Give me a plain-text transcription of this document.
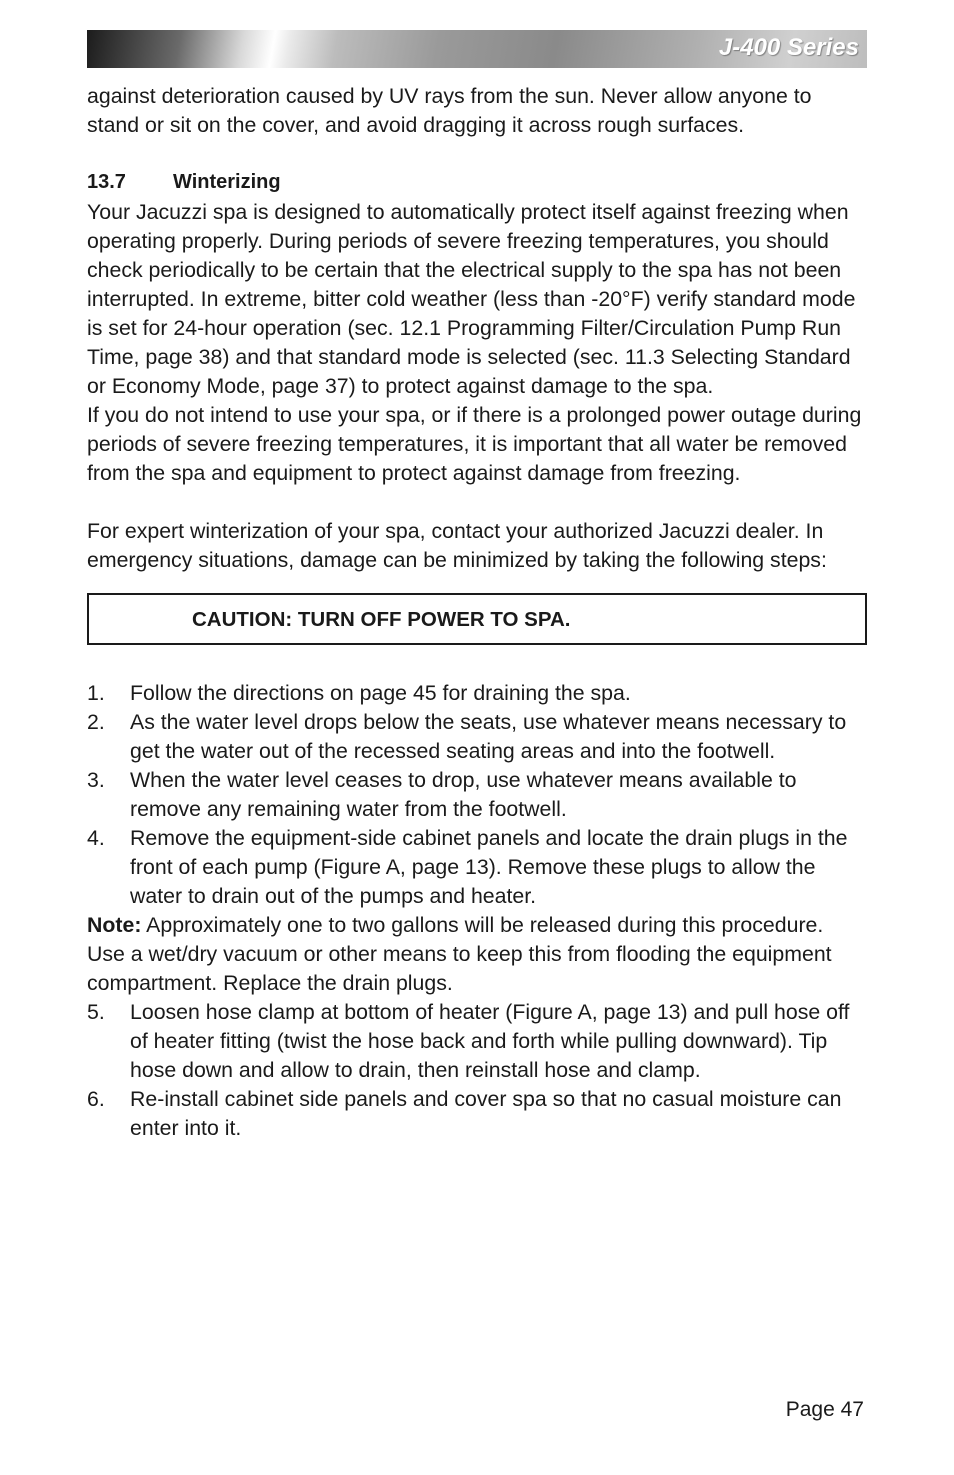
J-400 Series

against deterioration caused by UV rays from the sun. Never allow anyone to stand or sit on the cover, and avoid dragging it across rough surfaces.

13.7 Winterizing

Your Jacuzzi spa is designed to automatically protect itself against freezing when operating properly. During periods of severe freezing temperatures, you should check periodically to be certain that the electrical supply to the spa has not been interrupted. In extreme, bitter cold weather (less than -20°F) verify standard mode is set for 24-hour operation (sec. 12.1 Programming Filter/Circulation Pump Run Time, page 38) and that standard mode is selected (sec. 11.3 Selecting Standard or Economy Mode, page 37) to protect against damage to the spa.

If you do not intend to use your spa, or if there is a prolonged power outage during periods of severe freezing temperatures, it is important that all water be removed from the spa and equipment to protect against damage from freezing.

For expert winterization of your spa, contact your authorized Jacuzzi dealer. In emergency situations, damage can be minimized by taking the following steps:

CAUTION: TURN OFF POWER TO SPA.
1.	Follow the directions on page 45 for draining the spa.
2.	As the water level drops below the seats, use whatever means necessary to get the water out of the recessed seating areas and into the footwell.
3.	When the water level ceases to drop, use whatever means available to remove any remaining water from the footwell.
4.	Remove the equipment-side cabinet panels and locate the drain plugs in the front of each pump (Figure A, page 13). Remove these plugs to allow the water to drain out of the pumps and heater.

Note: Approximately one to two gallons will be released during this procedure. Use a wet/dry vacuum or other means to keep this from flooding the equipment compartment. Replace the drain plugs.

5.	Loosen hose clamp at bottom of heater (Figure A, page 13) and pull hose off of heater fitting (twist the hose back and forth while pulling downward). Tip hose down and allow to drain, then reinstall hose and clamp.
6.	Re-install cabinet side panels and cover spa so that no casual moisture can enter into it.
Page 47
